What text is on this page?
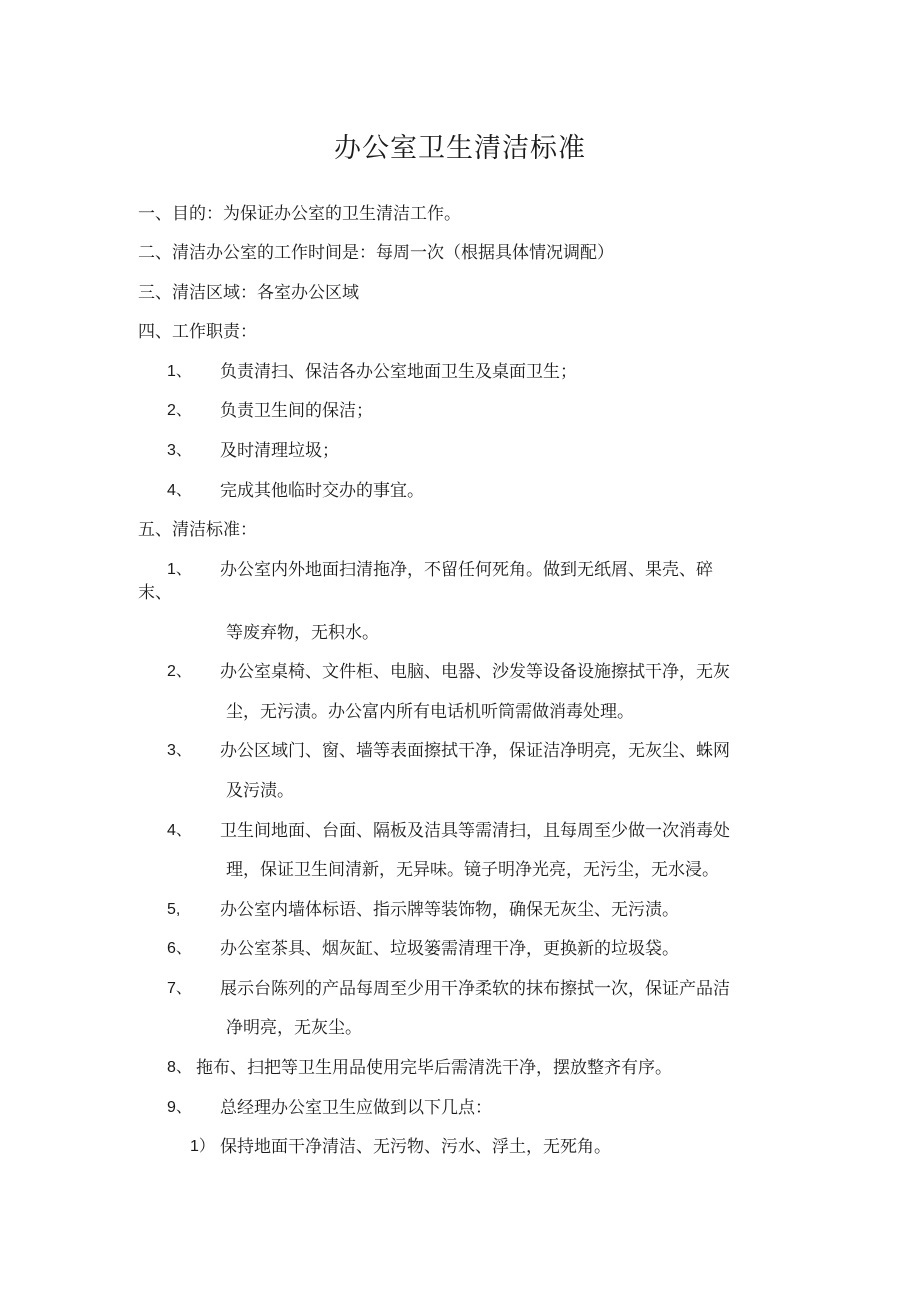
办公室卫生清洁标准
一、目的：为保证办公室的卫生清洁工作。
二、清洁办公室的工作时间是：每周一次（根据具体情况调配）
三、清洁区域：各室办公区域
四、工作职责：
1、 负责清扫、保洁各办公室地面卫生及桌面卫生；
2、 负责卫生间的保洁；
3、 及时清理垃圾；
4、 完成其他临时交办的事宜。
五、清洁标准：
1、 办公室内外地面扫清拖净，不留任何死角。做到无纸屑、果壳、碎
末、
等废弃物，无积水。
2、 办公室桌椅、文件柜、电脑、电器、沙发等设备设施擦拭干净，无灰
尘，无污渍。办公富内所有电话机听筒需做消毒处理。
3、 办公区域门、窗、墙等表面擦拭干净，保证洁净明亮，无灰尘、蛛网
及污渍。
4、 卫生间地面、台面、隔板及洁具等需清扫，且每周至少做一次消毒处
理，保证卫生间清新，无异味。镜子明净光亮，无污尘，无水浸。
5, 办公室内墙体标语、指示牌等装饰物，确保无灰尘、无污渍。
6、 办公室茶具、烟灰缸、垃圾篓需清理干净，更换新的垃圾袋。
7、 展示台陈列的产品每周至少用干净柔软的抹布擦拭一次，保证产品洁
净明亮，无灰尘。
8、 拖布、扫把等卫生用品使用完毕后需清洗干净，摆放整齐有序。
9、 总经理办公室卫生应做到以下几点：
1） 保持地面干净清洁、无污物、污水、浮土，无死角。
